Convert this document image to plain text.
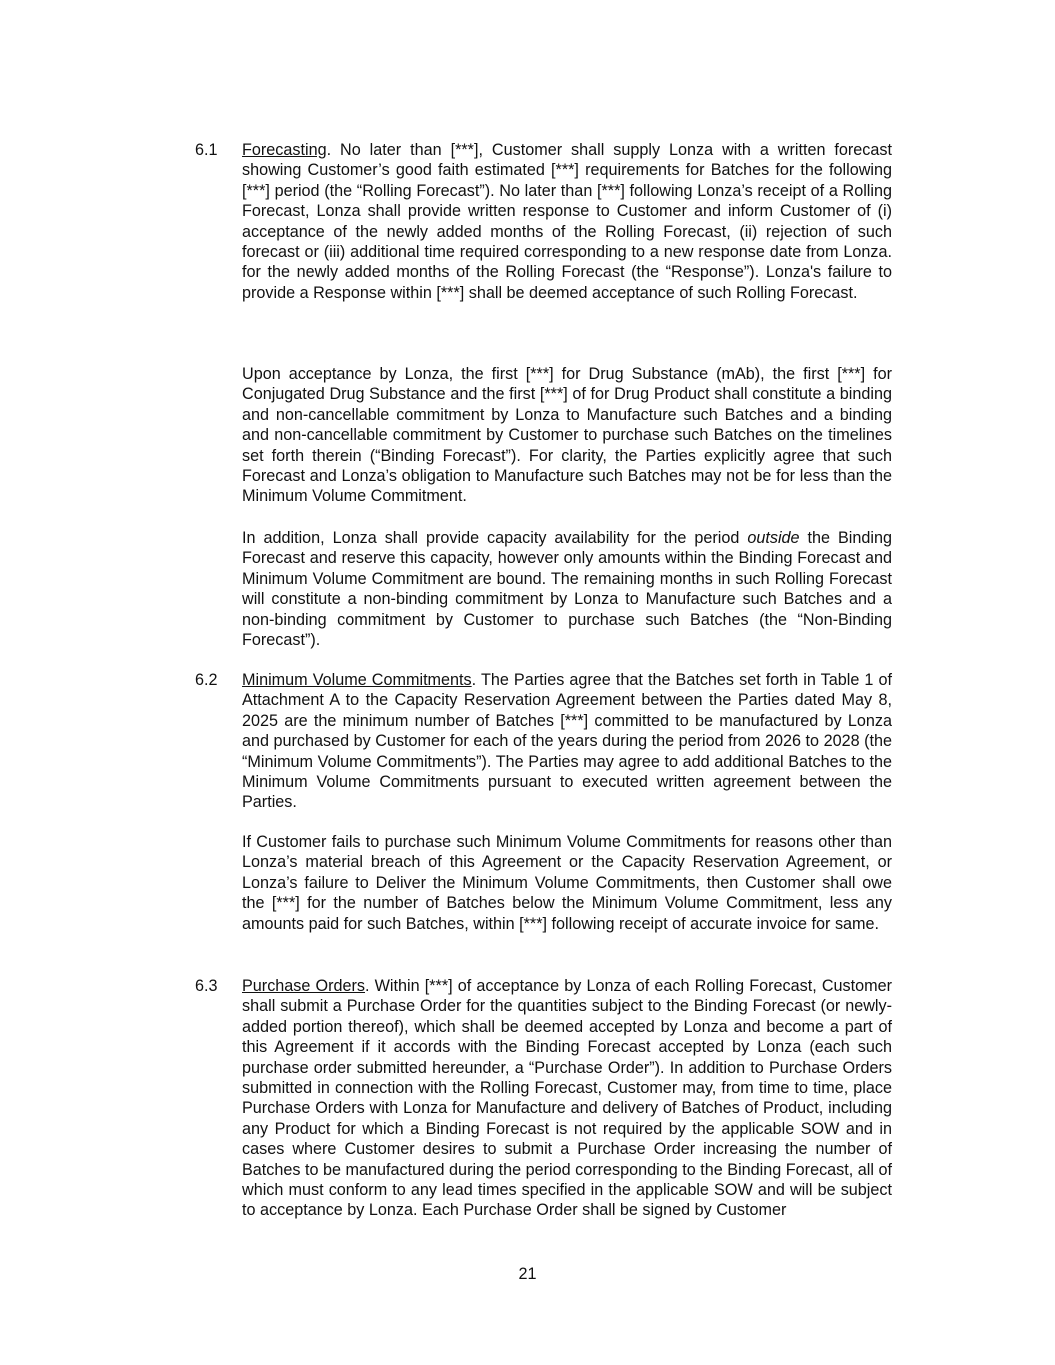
6.1 Forecasting. No later than [***], Customer shall supply Lonza with a written forecast showing Customer’s good faith estimated [***] requirements for Batches for the following [***] period (the “Rolling Forecast”). No later than [***] following Lonza’s receipt of a Rolling Forecast, Lonza shall provide written response to Customer and inform Customer of (i) acceptance of the newly added months of the Rolling Forecast, (ii) rejection of such forecast or (iii) additional time required corresponding to a new response date from Lonza. for the newly added months of the Rolling Forecast (the “Response”). Lonza's failure to provide a Response within [***] shall be deemed acceptance of such Rolling Forecast.

Upon acceptance by Lonza, the first [***] for Drug Substance (mAb), the first [***] for Conjugated Drug Substance and the first [***] of for Drug Product shall constitute a binding and non-cancellable commitment by Lonza to Manufacture such Batches and a binding and non-cancellable commitment by Customer to purchase such Batches on the timelines set forth therein (“Binding Forecast”). For clarity, the Parties explicitly agree that such Forecast and Lonza’s obligation to Manufacture such Batches may not be for less than the Minimum Volume Commitment.

In addition, Lonza shall provide capacity availability for the period outside the Binding Forecast and reserve this capacity, however only amounts within the Binding Forecast and Minimum Volume Commitment are bound. The remaining months in such Rolling Forecast will constitute a non-binding commitment by Lonza to Manufacture such Batches and a non-binding commitment by Customer to purchase such Batches (the “Non-Binding Forecast”).

6.2 Minimum Volume Commitments. The Parties agree that the Batches set forth in Table 1 of Attachment A to the Capacity Reservation Agreement between the Parties dated May 8, 2025 are the minimum number of Batches [***] committed to be manufactured by Lonza and purchased by Customer for each of the years during the period from 2026 to 2028 (the “Minimum Volume Commitments”). The Parties may agree to add additional Batches to the Minimum Volume Commitments pursuant to executed written agreement between the Parties.

If Customer fails to purchase such Minimum Volume Commitments for reasons other than Lonza’s material breach of this Agreement or the Capacity Reservation Agreement, or Lonza’s failure to Deliver the Minimum Volume Commitments, then Customer shall owe the [***] for the number of Batches below the Minimum Volume Commitment, less any amounts paid for such Batches, within [***] following receipt of accurate invoice for same.

6.3 Purchase Orders. Within [***] of acceptance by Lonza of each Rolling Forecast, Customer shall submit a Purchase Order for the quantities subject to the Binding Forecast (or newly-added portion thereof), which shall be deemed accepted by Lonza and become a part of this Agreement if it accords with the Binding Forecast accepted by Lonza (each such purchase order submitted hereunder, a “Purchase Order”). In addition to Purchase Orders submitted in connection with the Rolling Forecast, Customer may, from time to time, place Purchase Orders with Lonza for Manufacture and delivery of Batches of Product, including any Product for which a Binding Forecast is not required by the applicable SOW and in cases where Customer desires to submit a Purchase Order increasing the number of Batches to be manufactured during the period corresponding to the Binding Forecast, all of which must conform to any lead times specified in the applicable SOW and will be subject to acceptance by Lonza. Each Purchase Order shall be signed by Customer

21
